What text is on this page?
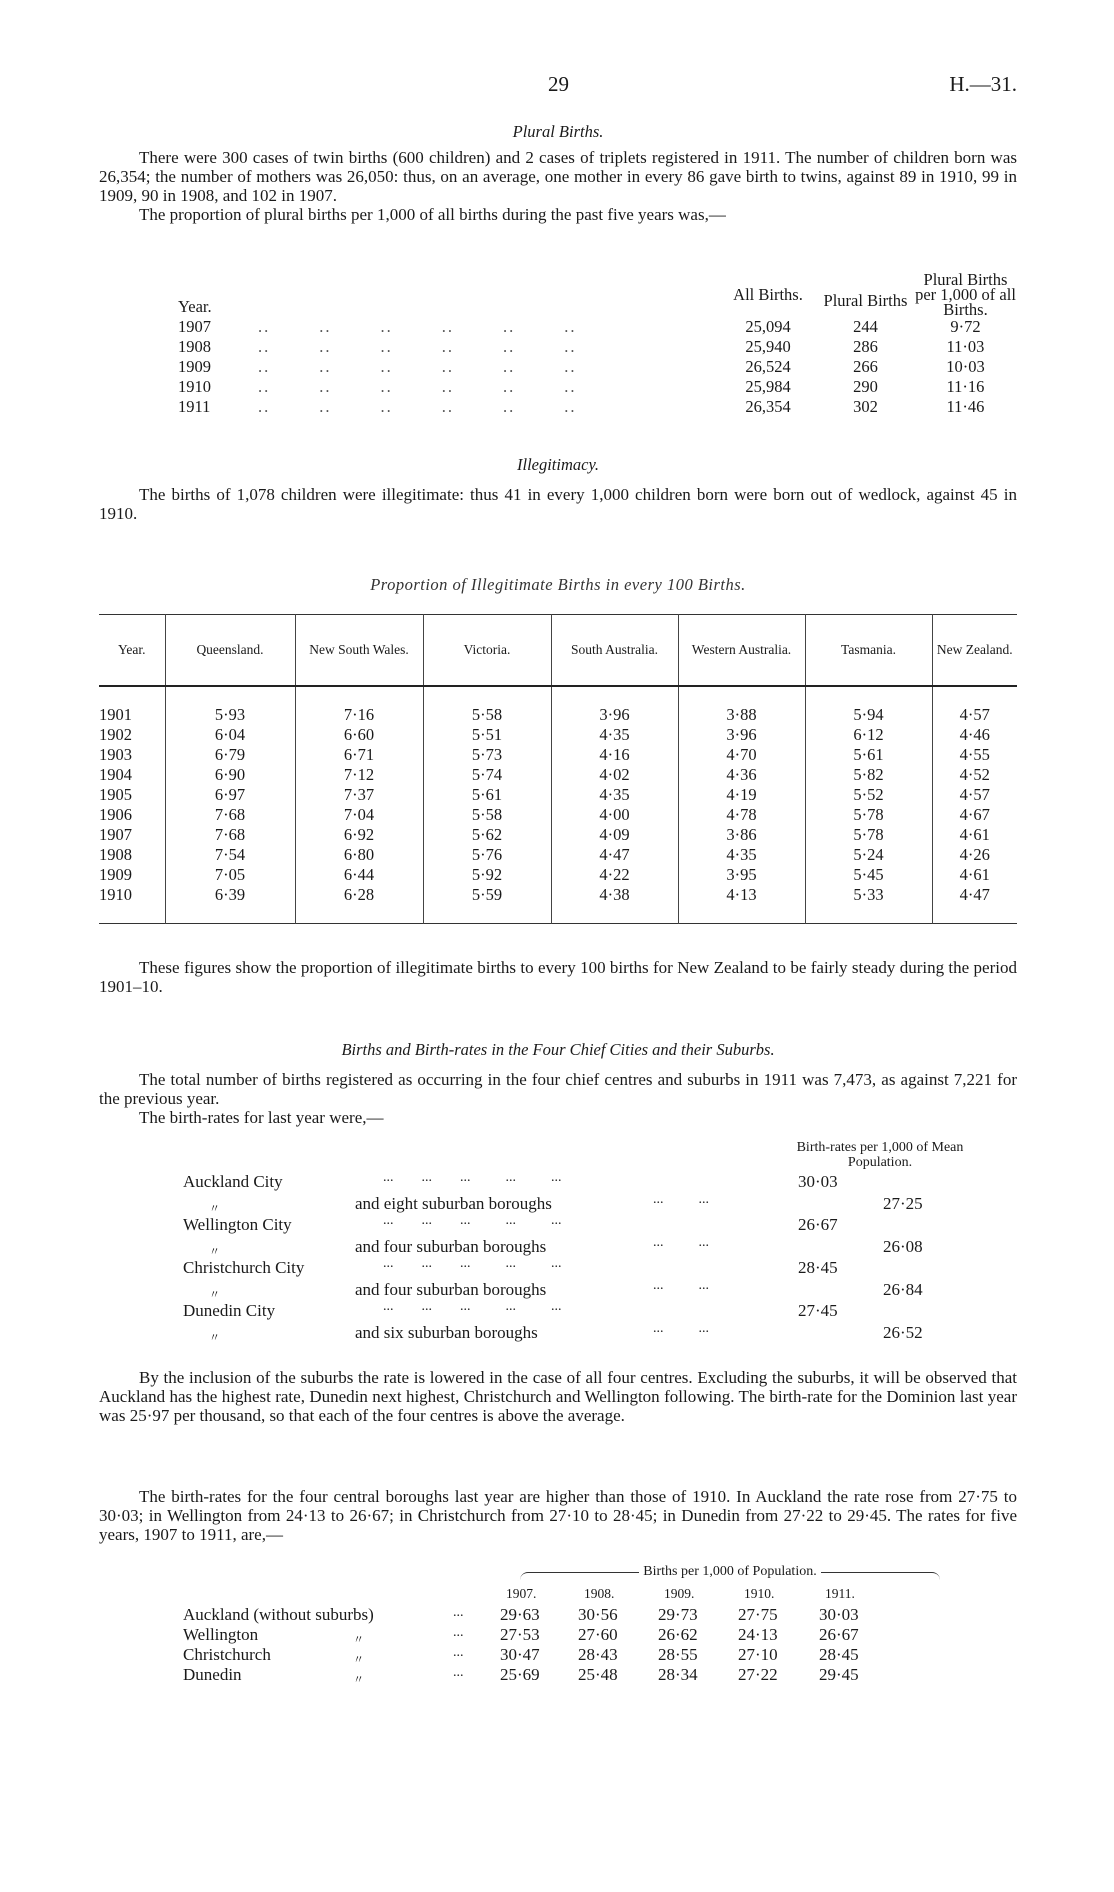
29	H.—31.
Plural Births.

There were 300 cases of twin births (600 children) and 2 cases of triplets registered in 1911. The number of children born was 26,354; the number of mothers was 26,050: thus, on an average, one mother in every 86 gave birth to twins, against 89 in 1910, 99 in 1909, 90 in 1908, and 102 in 1907.

The proportion of plural births per 1,000 of all births during the past five years was,—

Year.		All Births.	Plural Births	Plural Births per 1,000 of all Births.
1907	..        ..        ..        ..        ..        ..	25,094	244	9·72
1908	..        ..        ..        ..        ..        ..	25,940	286	11·03
1909	..        ..        ..        ..        ..        ..	26,524	266	10·03
1910	..        ..        ..        ..        ..        ..	25,984	290	11·16
1911	..        ..        ..        ..        ..        ..	26,354	302	11·46
Illegitimacy.

The births of 1,078 children were illegitimate: thus 41 in every 1,000 children born were born out of wedlock, against 45 in 1910.

Proportion of Illegitimate Births in every 100 Births.
Year.	Queensland.	New South Wales.	Victoria.	South Australia.	Western Australia.	Tasmania.	New Zealand.

1901	5·93	7·16	5·58	3·96	3·88	5·94	4·57
1902	6·04	6·60	5·51	4·35	3·96	6·12	4·46
1903	6·79	6·71	5·73	4·16	4·70	5·61	4·55
1904	6·90	7·12	5·74	4·02	4·36	5·82	4·52
1905	6·97	7·37	5·61	4·35	4·19	5·52	4·57
1906	7·68	7·04	5·58	4·00	4·78	5·78	4·67
1907	7·68	6·92	5·62	4·09	3·86	5·78	4·61
1908	7·54	6·80	5·76	4·47	4·35	5·24	4·26
1909	7·05	6·44	5·92	4·22	3·95	5·45	4·61
1910	6·39	6·28	5·59	4·38	4·13	5·33	4·47

These figures show the proportion of illegitimate births to every 100 births for New Zealand to be fairly steady during the period 1901–10.

Births and Birth-rates in the Four Chief Cities and their Suburbs.

The total number of births registered as occurring in the four chief centres and suburbs in 1911 was 7,473, as against 7,221 for the previous year.

The birth-rates for last year were,—

Birth-rates per 1,000 of Mean Population.
Auckland City	...        ...        ...          ...          ...	30·03
〃	and eight suburban boroughs	...          ...	27·25
Wellington City	...        ...        ...          ...          ...	26·67
〃	and four suburban boroughs	...          ...	26·08
Christchurch City	...        ...        ...          ...          ...	28·45
〃	and four suburban boroughs	...          ...	26·84
Dunedin City	...        ...        ...          ...          ...	27·45
〃	and six suburban boroughs	...          ...	26·52

By the inclusion of the suburbs the rate is lowered in the case of all four centres. Excluding the suburbs, it will be observed that Auckland has the highest rate, Dunedin next highest, Christchurch and Wellington following. The birth-rate for the Dominion last year was 25·97 per thousand, so that each of the four centres is above the average.

The birth-rates for the four central boroughs last year are higher than those of 1910. In Auckland the rate rose from 27·75 to 30·03; in Wellington from 24·13 to 26·67; in Christchurch from 27·10 to 28·45; in Dunedin from 27·22 to 29·45. The rates for five years, 1907 to 1911, are,—

Births per 1,000 of Population.
1907.	1908.	1909.	1910.	1911.
Auckland (without suburbs)	... 29·63 30·56 29·73 27·75 30·03
Wellington	〃	... 27·53 27·60 26·62 24·13 26·67
Christchurch	〃	... 30·47 28·43 28·55 27·10 28·45
Dunedin	〃	... 25·69 25·48 28·34 27·22 29·45
